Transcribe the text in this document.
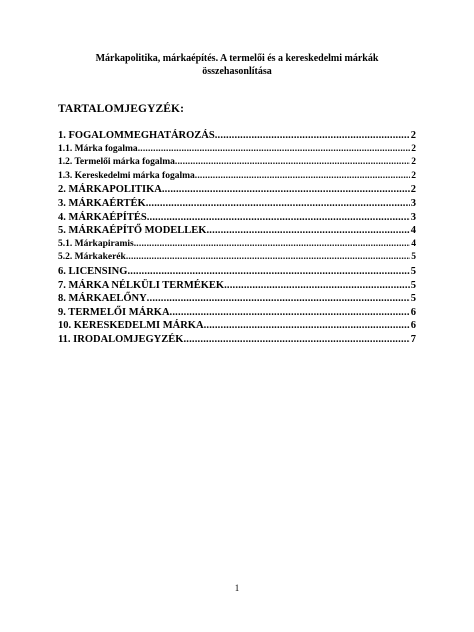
Márkapolitika, márkaépítés. A termelői és a kereskedelmi márkák
összehasonlítása
TARTALOMJEGYZÉK:
1. FOGALOMMEGHATÁROZÁS .....	2
1.1. Márka fogalma .....	2
1.2. Termelői márka fogalma .....	2
1.3. Kereskedelmi márka fogalma .....	2
2. MÁRKAPOLITIKA .....	2
3. MÁRKAÉRTÉK .....	3
4. MÁRKAÉPÍTÉS .....	3
5. MÁRKAÉPÍTŐ MODELLEK .....	4
5.1. Márkapiramis .....	4
5.2. Márkakerék .....	5
6. LICENSING .....	5
7. MÁRKA NÉLKÜLI TERMÉKEK .....	5
8. MÁRKAELŐNY .....	5
9. TERMELŐI MÁRKA .....	6
10. KERESKEDELMI MÁRKA .....	6
11. IRODALOMJEGYZÉK .....	7
1
